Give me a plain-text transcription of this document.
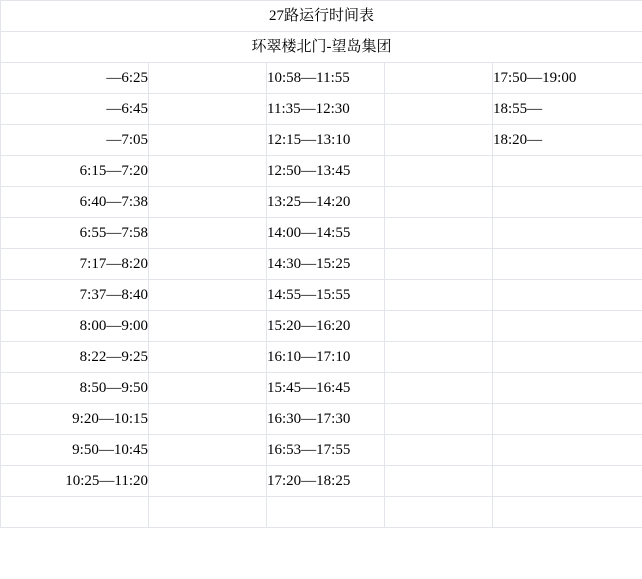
27路运行时间表				
环翠楼北门-望岛集团				
—6:25		10:58—11:55		17:50—19:00
—6:45		11:35—12:30		18:55—
—7:05		12:15—13:10		18:20—
6:15—7:20		12:50—13:45		
6:40—7:38		13:25—14:20		
6:55—7:58		14:00—14:55		
7:17—8:20		14:30—15:25		
7:37—8:40		14:55—15:55		
8:00—9:00		15:20—16:20		
8:22—9:25		16:10—17:10		
8:50—9:50		15:45—16:45		
9:20—10:15		16:30—17:30		
9:50—10:45		16:53—17:55		
10:25—11:20		17:20—18:25		
